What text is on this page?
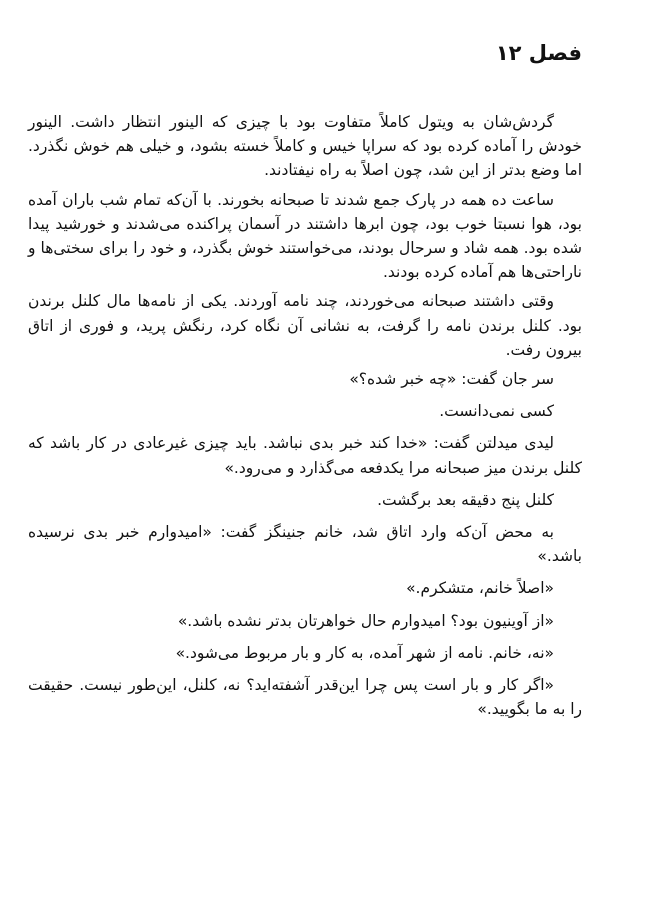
فصل ۱۲

گردش‌شان به ویتول کاملاً متفاوت بود با چیزی که الینور انتظار داشت. الینور خودش را آماده کرده بود که سراپا خیس و کاملاً خسته بشود، و خیلی هم خوش نگذرد. اما وضع بدتر از این شد، چون اصلاً به راه نیفتادند.

ساعت ده همه در پارک جمع شدند تا صبحانه بخورند. با آن‌که تمام شب باران آمده بود، هوا نسبتا خوب بود، چون ابرها داشتند در آسمان پراکنده می‌شدند و خورشید پیدا شده بود. همه شاد و سرحال بودند، می‌خواستند خوش بگذرد، و خود را برای سختی‌ها و ناراحتی‌ها هم آماده کرده بودند.

وقتی داشتند صبحانه می‌خوردند، چند نامه آوردند. یکی از نامه‌ها مال کلنل برندن بود. کلنل برندن نامه را گرفت، به نشانی آن نگاه کرد، رنگش پرید، و فوری از اتاق بیرون رفت.

سر جان گفت: «چه خبر شده؟»

کسی نمی‌دانست.

لیدی میدلتن گفت: «خدا کند خبر بدی نباشد. باید چیزی غیرعادی در کار باشد که کلنل برندن میز صبحانه مرا یکدفعه می‌گذارد و می‌رود.»

کلنل پنج دقیقه بعد برگشت.

به محض آن‌که وارد اتاق شد، خانم جنینگز گفت: «امیدوارم خبر بدی نرسیده باشد.»

«اصلاً خانم، متشکرم.»

«از آوینیون بود؟ امیدوارم حال خواهرتان بدتر نشده باشد.»

«نه، خانم. نامه از شهر آمده، به کار و بار مربوط می‌شود.»

«اگر کار و بار است پس چرا این‌قدر آشفته‌اید؟ نه، کلنل، این‌طور نیست. حقیقت را به ما بگویید.»
